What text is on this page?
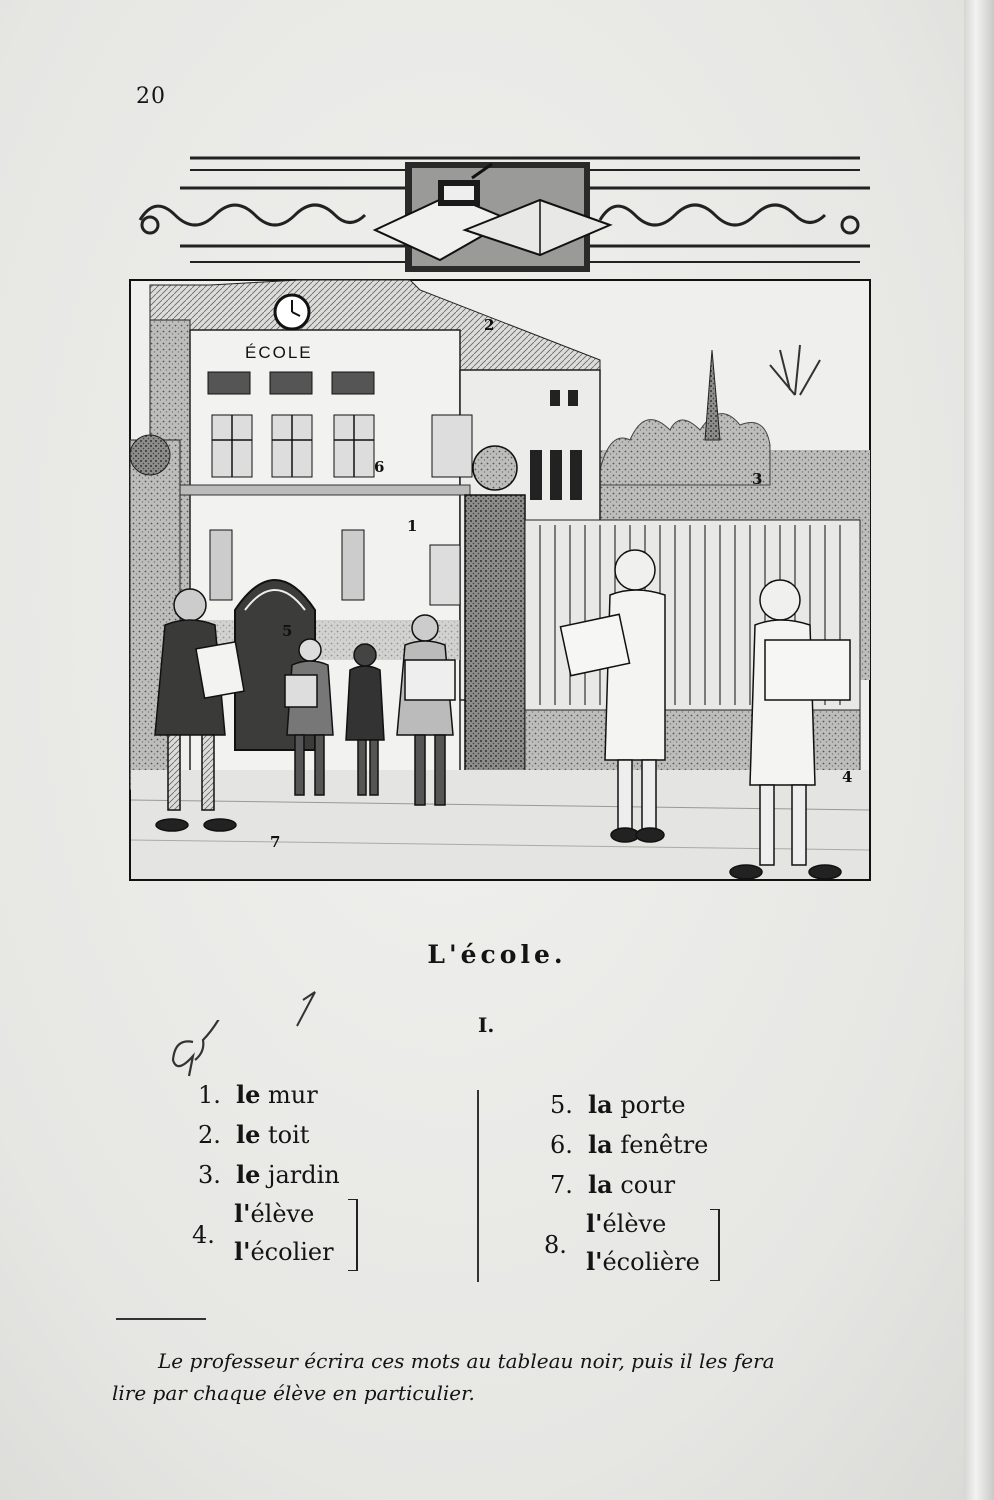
20
ÉCOLE
1
2
3
4
5
6
7
L'école.
1
a)	I.
1. le mur
2. le toit
3. le jardin
4.
l'élève
l'écolier
5. la porte
6. la fenêtre
7. la cour
8.
l'élève
l'écolière
Le professeur écrira ces mots au tableau noir, puis il les fera
lire par chaque élève en particulier.
